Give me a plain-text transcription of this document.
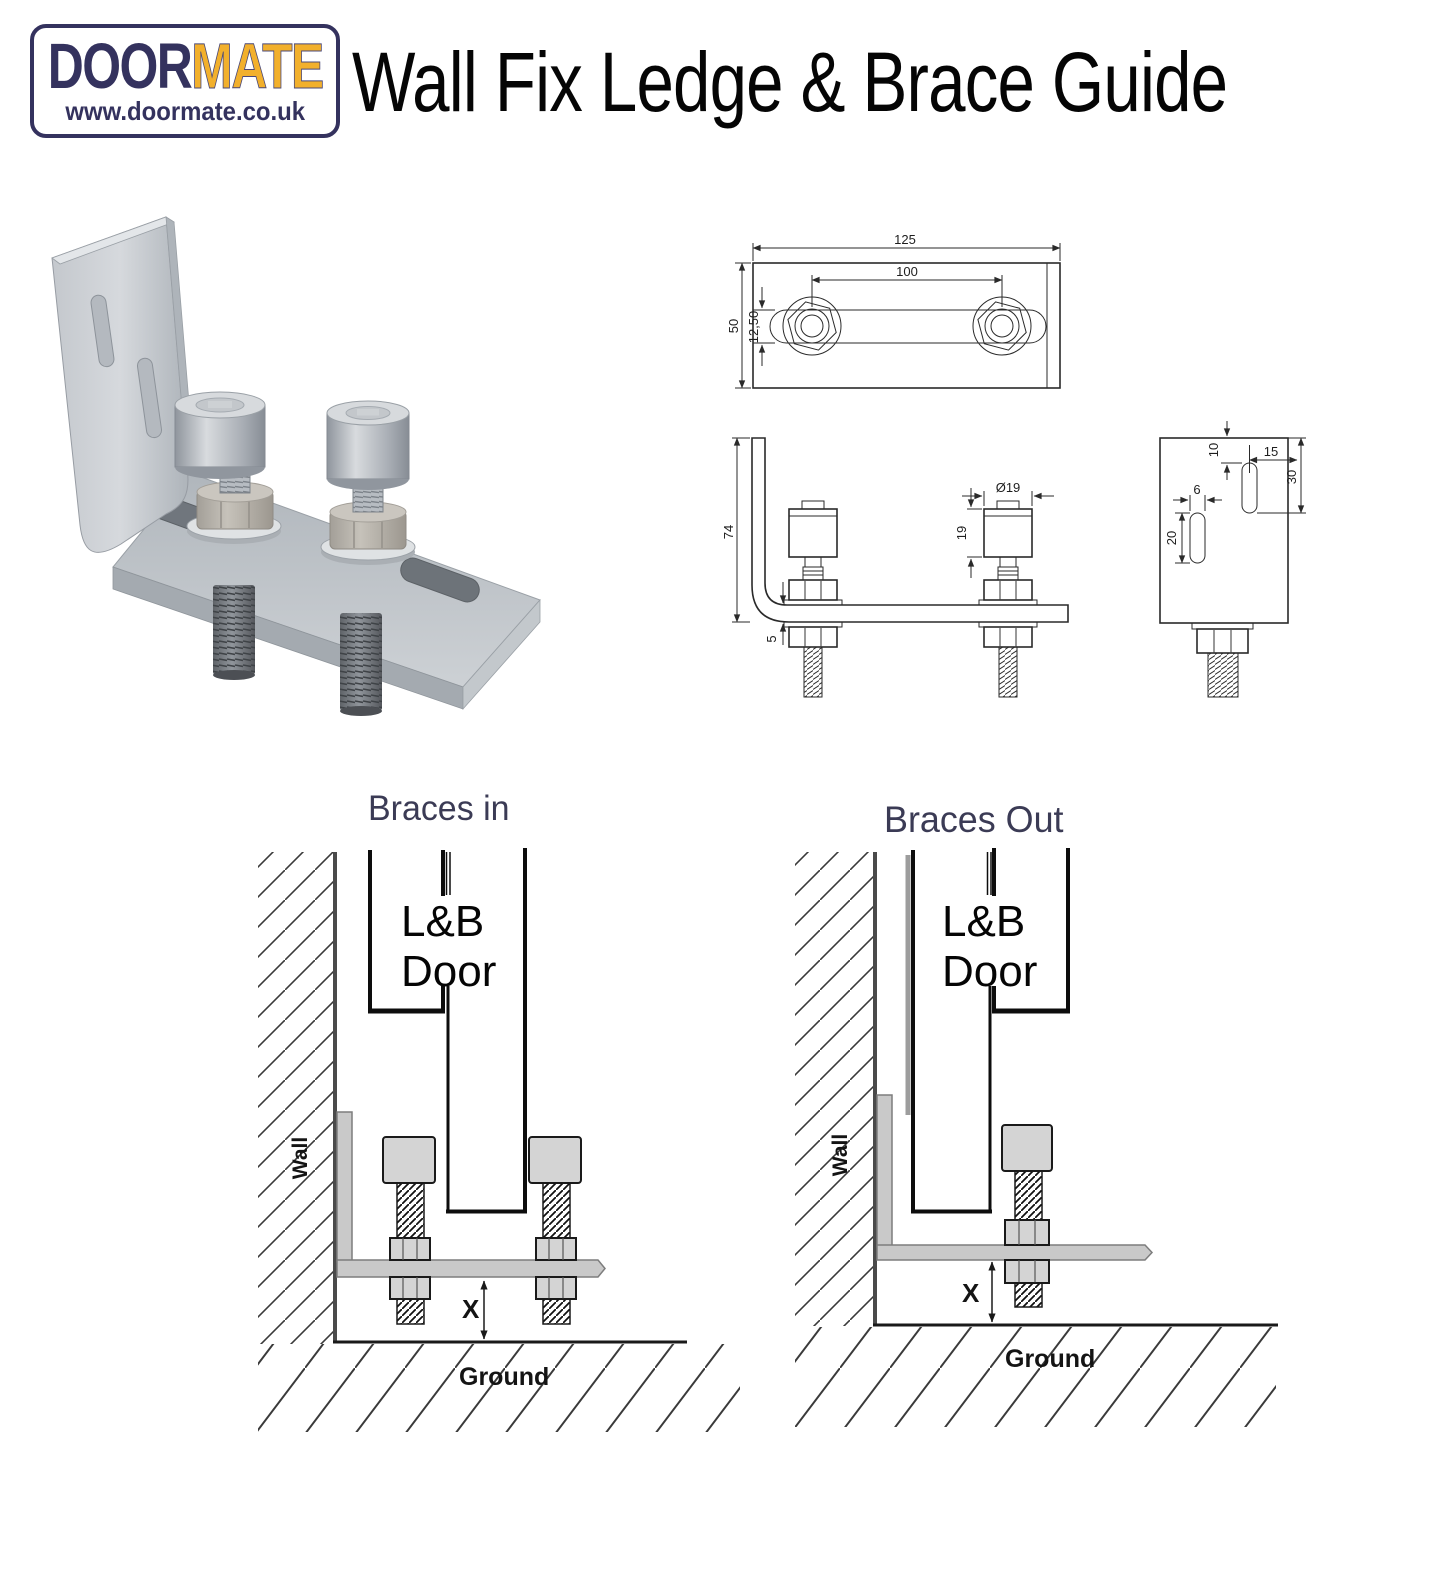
DOORMATE
www.doormate.co.uk Wall Fix Ledge & Brace Guide
125
100
50 12,50
74
5
Ø19
19
10	15
30
6
20
Braces in	Braces Out
L&B
Door
X
Wall
Ground
L&B
Door
X
Wall
Ground
